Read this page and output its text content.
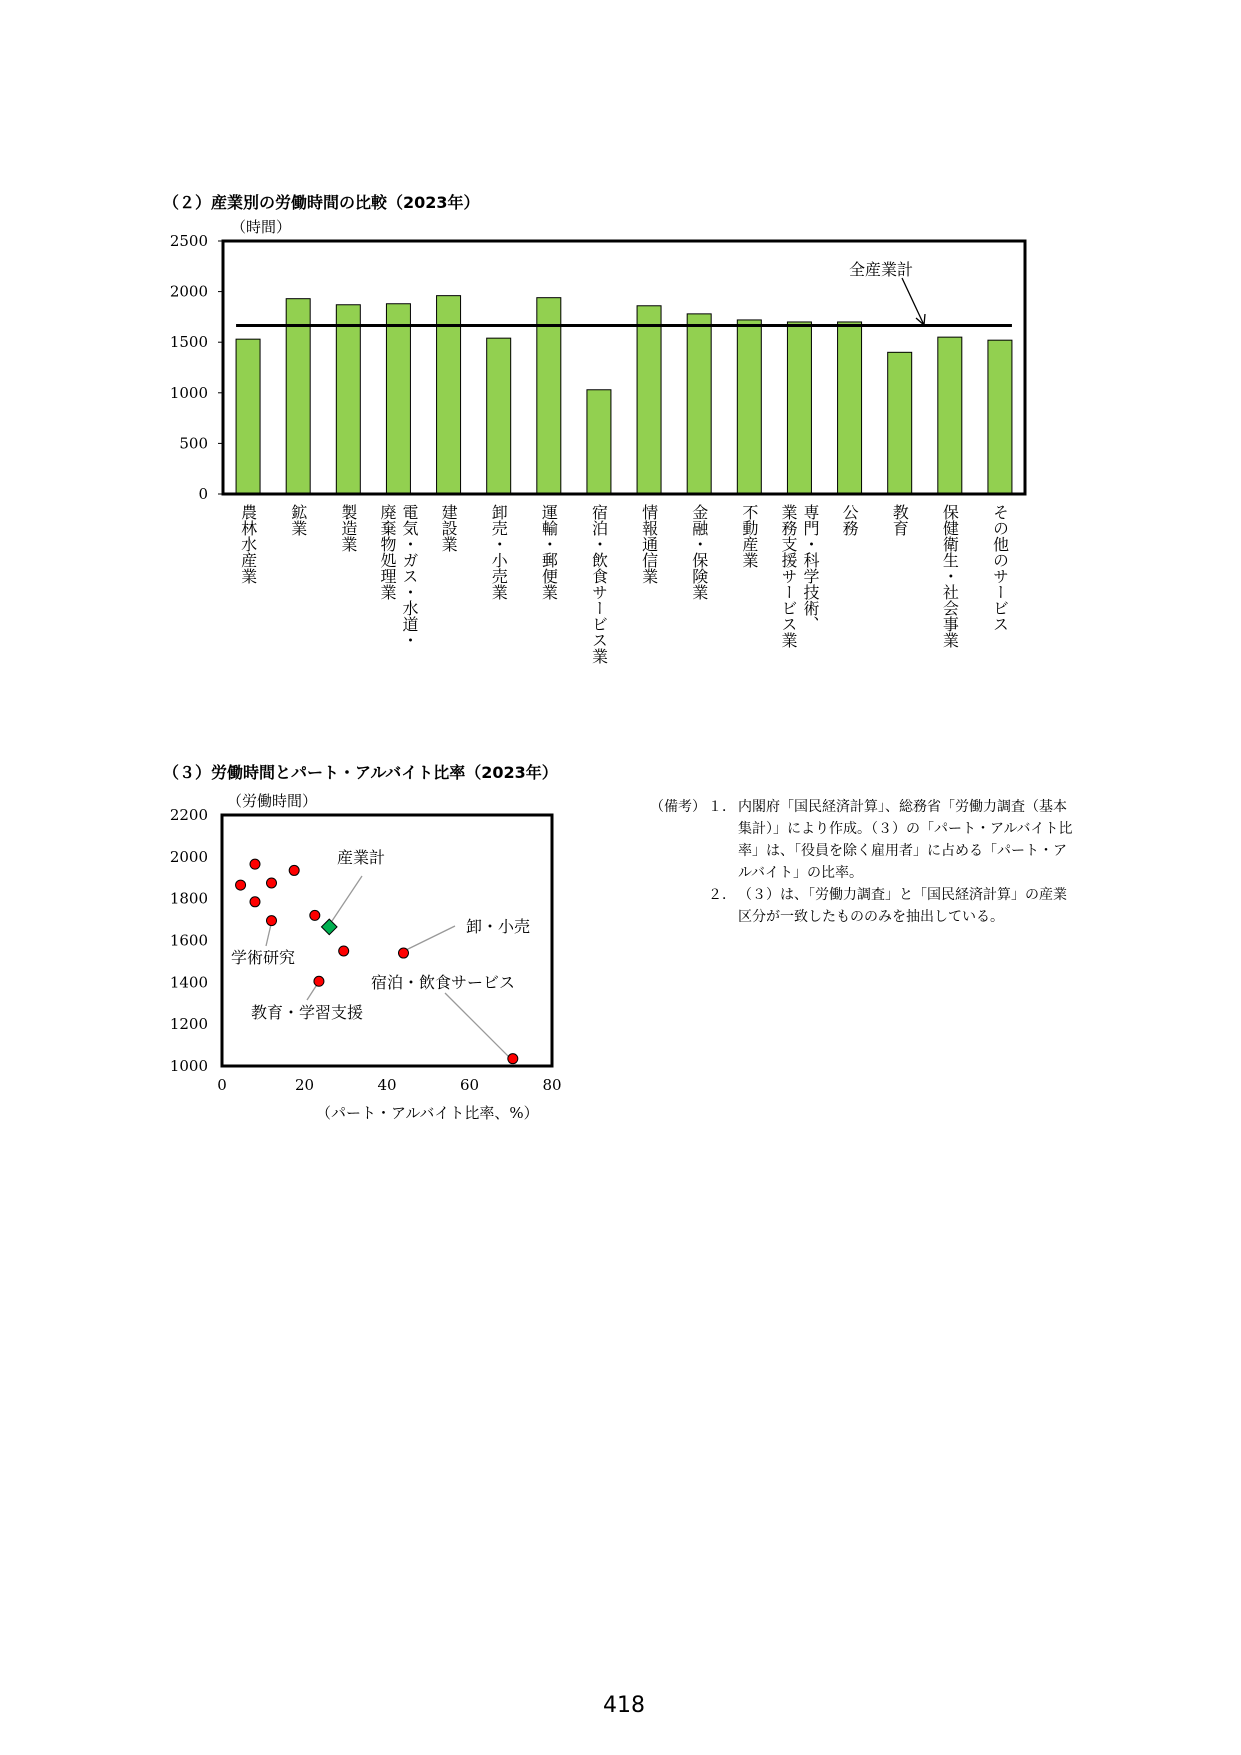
（２）産業別の労働時間の比較（2023年）
（時間）
0
500
1000
1500
2000
2500
農林水産業 鉱業 製造業	電気・ガス・水道・
廃棄物処理業	建設業 卸売・小売業 運輸・郵便業 宿泊・飲食サービス業 情報通信業 金融・保険業 不動産業	専門・科学技術、
業務支援サービス業	公務 教育 保健衛生・社会事業 その他のサービス
全産業計
（３）労働時間とパート・アルバイト比率（2023年）
（労働時間）
（パート・アルバイト比率、%）
1000
1200
1400
1600
1800
2000
2200
0	20	40	60	80
産業計
卸・小売
学術研究
宿泊・飲食サービス
教育・学習支援
（備考） １． 内閣府「国民経済計算」、総務省「労働力調査（基本集計）」により作成。（３）の「パート・アルバイト比率」は、「役員を除く雇用者」に占める「パート・アルバイト」の比率。
２． （３）は、「労働力調査」と「国民経済計算」の産業区分が一致したもののみを抽出している。
418
